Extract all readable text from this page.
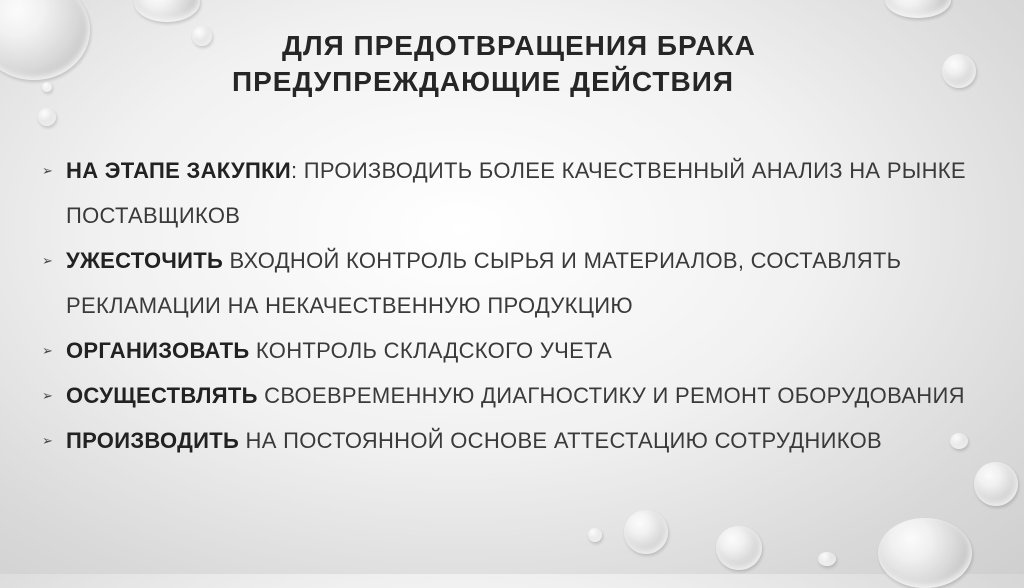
ДЛЯ ПРЕДОТВРАЩЕНИЯ БРАКА
ПРЕДУПРЕЖДАЮЩИЕ ДЕЙСТВИЯ
➢ НА ЭТАПЕ ЗАКУПКИ: ПРОИЗВОДИТЬ БОЛЕЕ КАЧЕСТВЕННЫЙ АНАЛИЗ НА РЫНКЕ ПОСТАВЩИКОВ
➢ УЖЕСТОЧИТЬ ВХОДНОЙ КОНТРОЛЬ СЫРЬЯ И МАТЕРИАЛОВ, СОСТАВЛЯТЬ РЕКЛАМАЦИИ НА НЕКАЧЕСТВЕННУЮ ПРОДУКЦИЮ
➢ ОРГАНИЗОВАТЬ КОНТРОЛЬ СКЛАДСКОГО УЧЕТА
➢ ОСУЩЕСТВЛЯТЬ СВОЕВРЕМЕННУЮ ДИАГНОСТИКУ И РЕМОНТ ОБОРУДОВАНИЯ
➢ ПРОИЗВОДИТЬ НА ПОСТОЯННОЙ ОСНОВЕ АТТЕСТАЦИЮ СОТРУДНИКОВ
